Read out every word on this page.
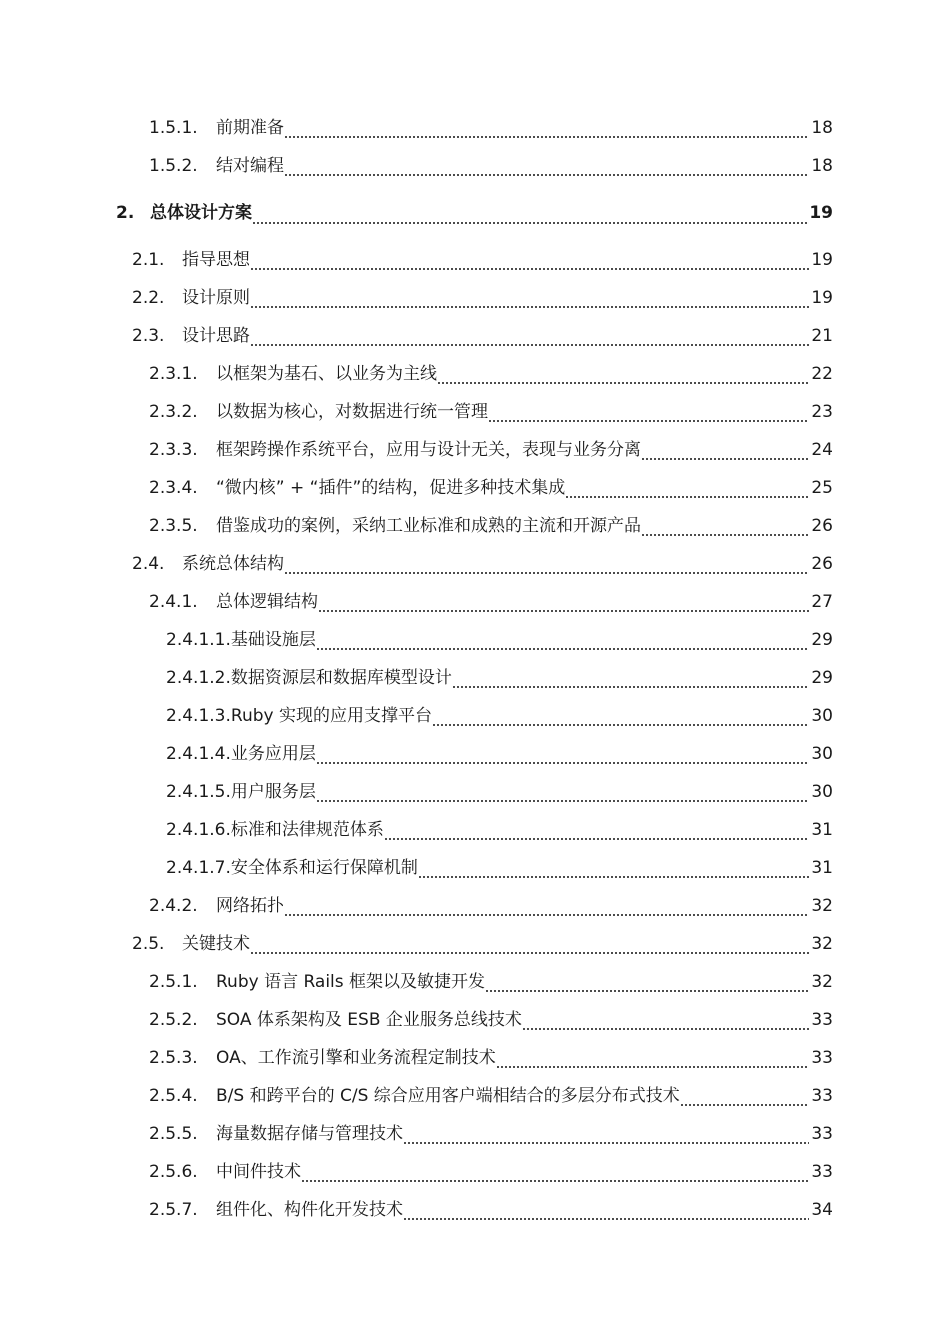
1.5.1.	前期准备	18
1.5.2.	结对编程	18
2. 总体设计方案	19
2.1.	指导思想	19
2.2.	设计原则	19
2.3.	设计思路	21
2.3.1.	以框架为基石、以业务为主线	22
2.3.2.	以数据为核心，对数据进行统一管理	23
2.3.3.	框架跨操作系统平台，应用与设计无关，表现与业务分离	24
2.3.4.	“微内核” + “插件”的结构，促进多种技术集成	25
2.3.5.	借鉴成功的案例，采纳工业标准和成熟的主流和开源产品	26
2.4.	系统总体结构	26
2.4.1.	总体逻辑结构	27
2.4.1.1. 基础设施层	29
2.4.1.2. 数据资源层和数据库模型设计	29
2.4.1.3. Ruby 实现的应用支撑平台	30
2.4.1.4. 业务应用层	30
2.4.1.5. 用户服务层	30
2.4.1.6. 标准和法律规范体系	31
2.4.1.7. 安全体系和运行保障机制	31
2.4.2.	网络拓扑	32
2.5.	关键技术	32
2.5.1.	Ruby 语言 Rails 框架以及敏捷开发	32
2.5.2.	SOA 体系架构及 ESB 企业服务总线技术	33
2.5.3.	OA、工作流引擎和业务流程定制技术	33
2.5.4.	B/S 和跨平台的 C/S 综合应用客户端相结合的多层分布式技术	33
2.5.5.	海量数据存储与管理技术	33
2.5.6.	中间件技术	33
2.5.7.	组件化、构件化开发技术	34
